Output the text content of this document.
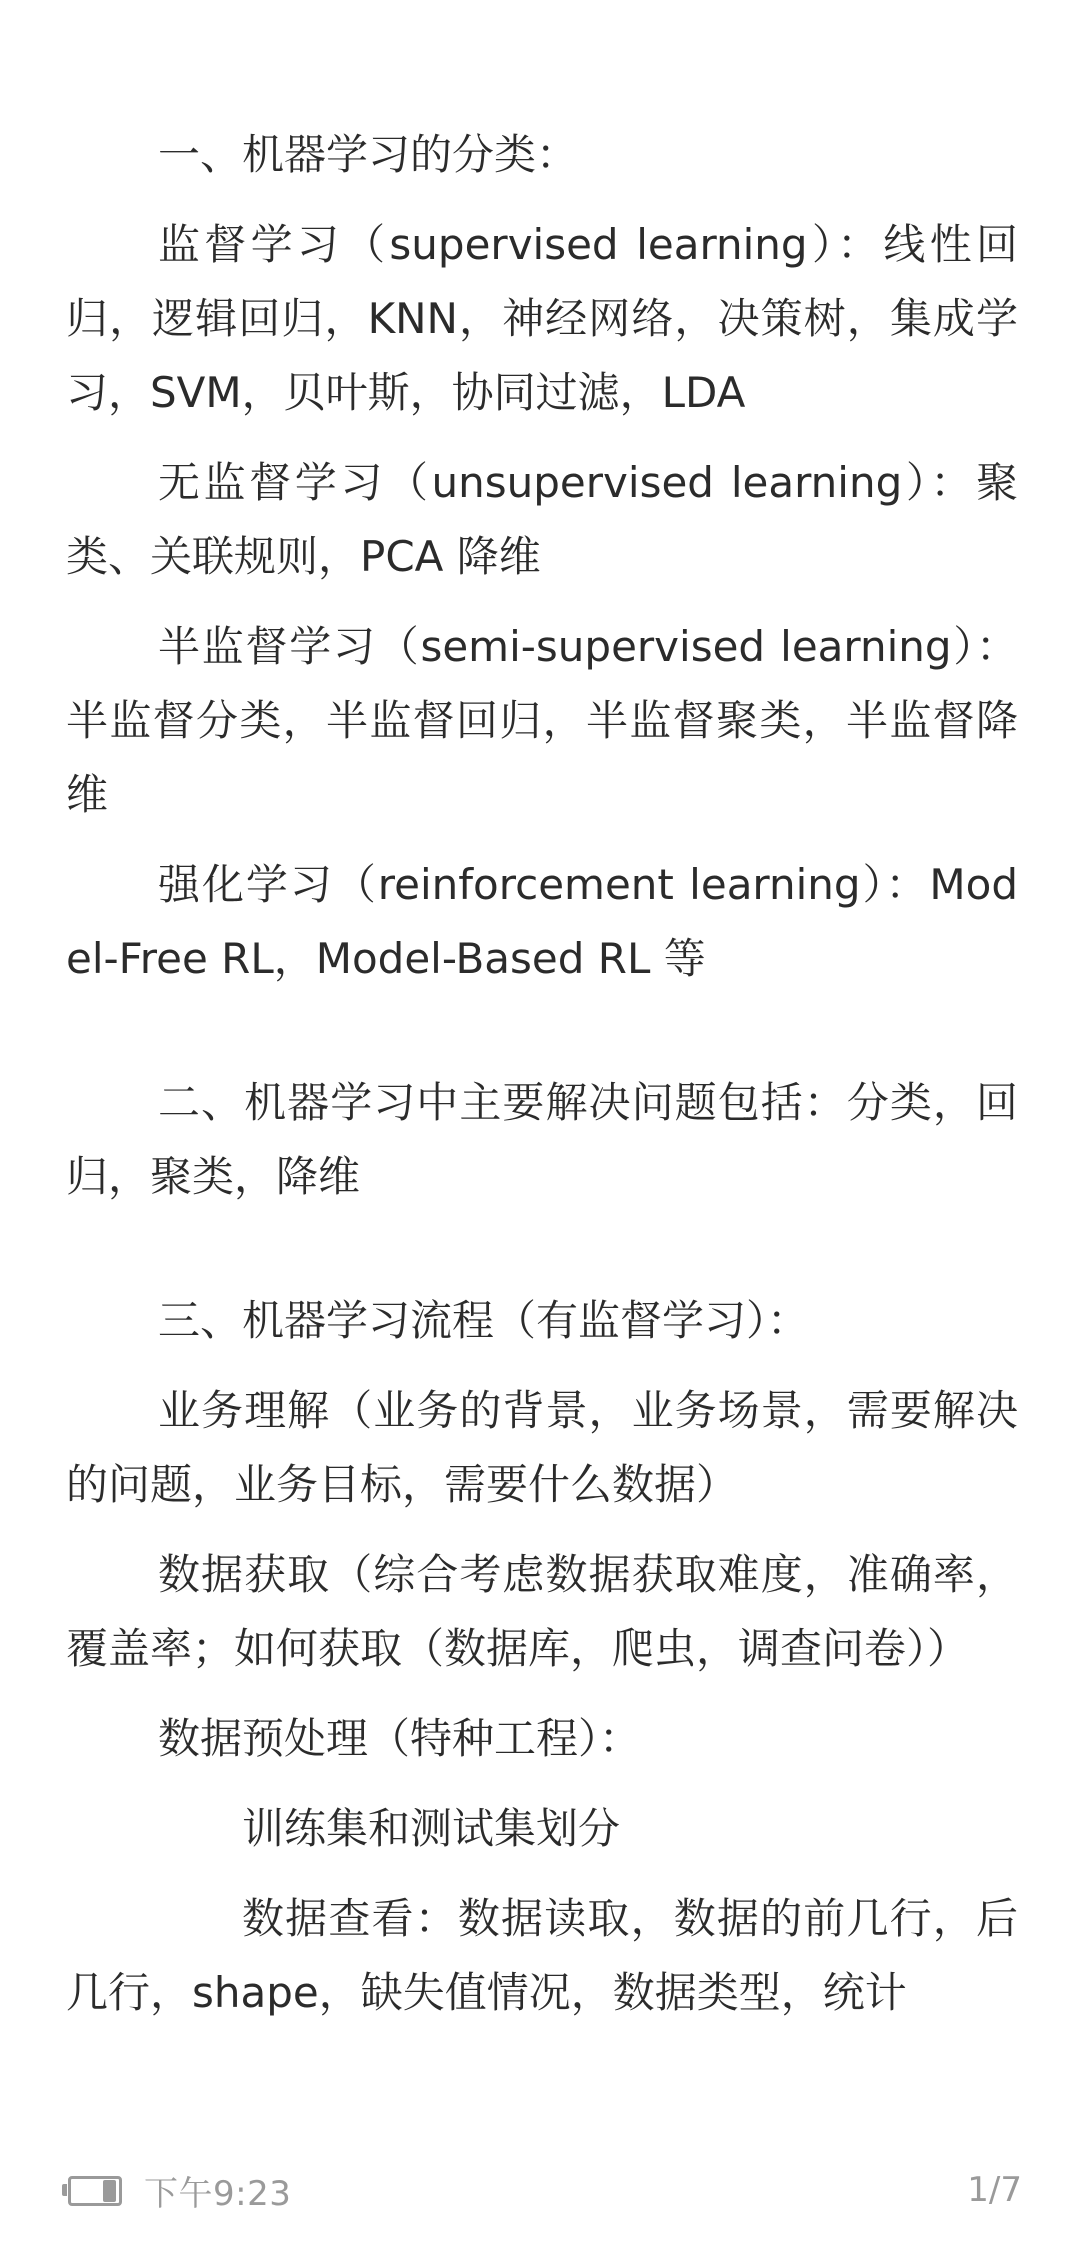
一、机器学习的分类：

监督学习（supervised learning）：线性回归，逻辑回归，KNN，神经网络，决策树，集成学习，SVM，贝叶斯，协同过滤，LDA

无监督学习（unsupervised learning）：聚类、关联规则，PCA 降维

半监督学习（semi-supervised learning）：半监督分类，半监督回归，半监督聚类，半监督降维

强化学习（reinforcement learning）：Model-Free RL，Model-Based RL 等

二、机器学习中主要解决问题包括：分类，回归，聚类，降维

三、机器学习流程（有监督学习）：

业务理解（业务的背景，业务场景，需要解决的问题，业务目标，需要什么数据）

数据获取（综合考虑数据获取难度，准确率，覆盖率；如何获取（数据库，爬虫，调查问卷））

数据预处理（特种工程）：

训练集和测试集划分

数据查看：数据读取，数据的前几行，后几行，shape，缺失值情况，数据类型，统计

下午9:23	1/7
